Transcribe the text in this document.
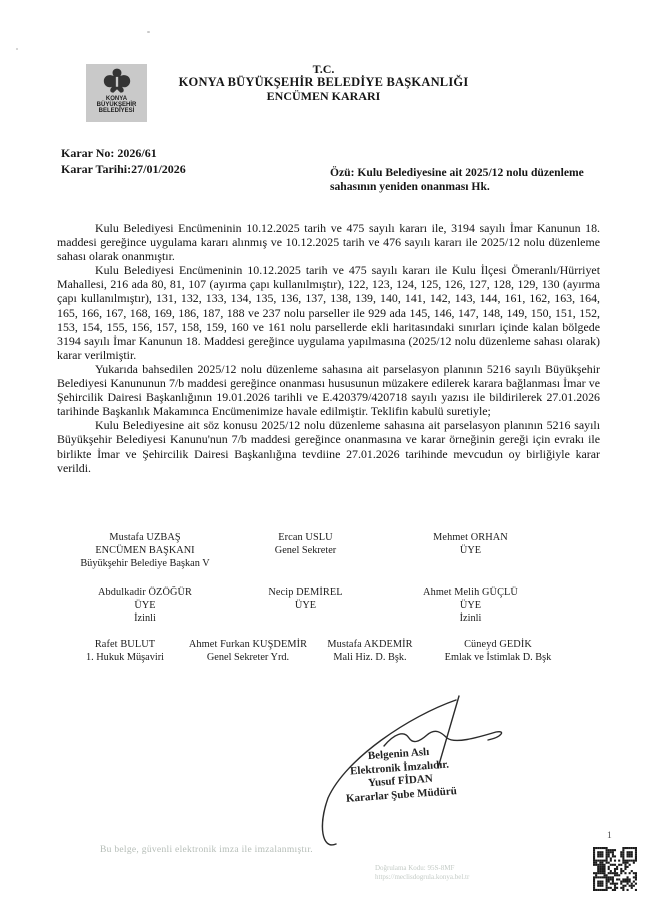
KONYA
BÜYÜKŞEHİR
BELEDİYESİ
T.C.
KONYA BÜYÜKŞEHİR BELEDİYE BAŞKANLIĞI
ENCÜMEN KARARI
Karar No: 2026/61
Karar Tarihi:27/01/2026	Özü: Kulu Belediyesine ait 2025/12 nolu düzenleme sahasının yeniden onanması Hk.

Kulu Belediyesi Encümeninin 10.12.2025 tarih ve 475 sayılı kararı ile, 3194 sayılı İmar Kanunun 18. maddesi gereğince uygulama kararı alınmış ve 10.12.2025 tarih ve 476 sayılı kararı ile 2025/12 nolu düzenleme sahası olarak onanmıştır.

Kulu Belediyesi Encümeninin 10.12.2025 tarih ve 475 sayılı kararı ile Kulu İlçesi Ömeranlı/Hürriyet Mahallesi, 216 ada 80, 81, 107 (ayırma çapı kullanılmıştır), 122, 123, 124, 125, 126, 127, 128, 129, 130 (ayırma çapı kullanılmıştır), 131, 132, 133, 134, 135, 136, 137, 138, 139, 140, 141, 142, 143, 144, 161, 162, 163, 164, 165, 166, 167, 168, 169, 186, 187, 188 ve 237 nolu parseller ile 929 ada 145, 146, 147, 148, 149, 150, 151, 152, 153, 154, 155, 156, 157, 158, 159, 160 ve 161 nolu parsellerde ekli haritasındaki sınırları içinde kalan bölgede 3194 sayılı İmar Kanunun 18. Maddesi gereğince uygulama yapılmasına (2025/12 nolu düzenleme sahası olarak) karar verilmiştir.

Yukarıda bahsedilen 2025/12 nolu düzenleme sahasına ait parselasyon planının 5216 sayılı Büyükşehir Belediyesi Kanununun 7/b maddesi gereğince onanması hususunun müzakere edilerek karara bağlanması İmar ve Şehircilik Dairesi Başkanlığının 19.01.2026 tarihli ve E.420379/420718 sayılı yazısı ile bildirilerek 27.01.2026 tarihinde Başkanlık Makamınca Encümenimize havale edilmiştir. Teklifin kabulü suretiyle;

Kulu Belediyesine ait söz konusu 2025/12 nolu düzenleme sahasına ait parselasyon planının 5216 sayılı Büyükşehir Belediyesi Kanunu'nun 7/b maddesi gereğince onanmasına ve karar örneğinin gereği için evrakı ile birlikte İmar ve Şehircilik Dairesi Başkanlığına tevdiine 27.01.2026 tarihinde mevcudun oy birliğiyle karar verildi.

Mustafa UZBAŞ
ENCÜMEN BAŞKANI
Büyükşehir Belediye Başkan V
Ercan USLU
Genel Sekreter
Mehmet ORHAN
ÜYE
Abdulkadir ÖZÖĞÜR
ÜYE
İzinli
Necip DEMİREL
ÜYE
Ahmet Melih GÜÇLÜ
ÜYE
İzinli
Rafet BULUT
1. Hukuk Müşaviri
Ahmet Furkan KUŞDEMİR
Genel Sekreter Yrd.
Mustafa AKDEMİR
Mali Hiz. D. Bşk.
Cüneyd GEDİK
Emlak ve İstimlak D. Bşk
Belgenin Aslı
Elektronik İmzalıdır.
Yusuf FİDAN
Kararlar Şube Müdürü
Bu belge, güvenli elektronik imza ile imzalanmıştır.
Doğrulama Kodu: 95S-8MF
https://meclisdogrula.konya.bel.tr
1
